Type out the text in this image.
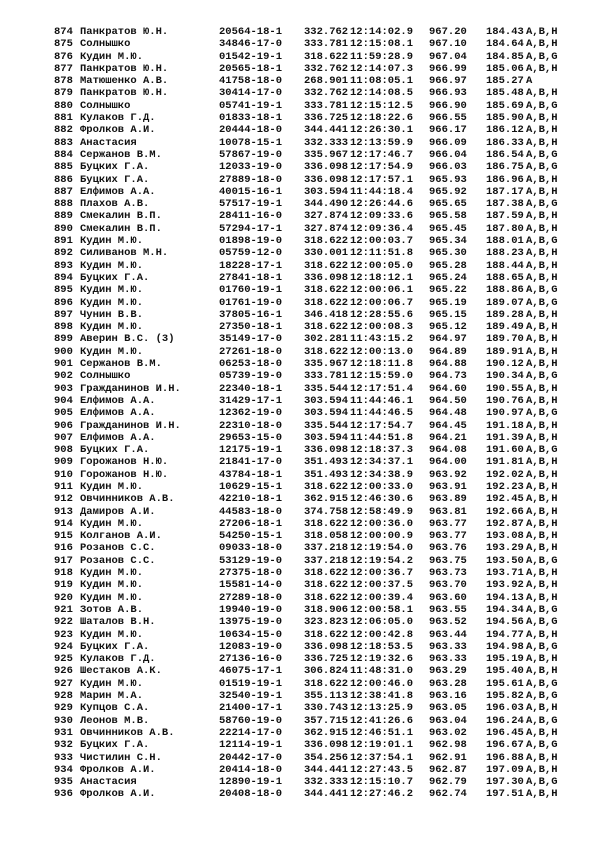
874 Панкратов Ю.Н.	20564-18-1 332.762 12:14:02.9 967.20 184.43 A,B,H
875 Солнышко	34846-17-0 333.781 12:15:08.1 967.10 184.64 A,B,H
876 Кудин М.Ю.	01542-19-1 318.622 11:59:28.9 967.04 184.85 A,B,G
877 Панкратов Ю.Н.	20565-18-1 332.762 12:14:07.3 966.99 185.06 A,B,H
878 Матюшенко А.В.	41758-18-0 268.901 11:08:05.1 966.97 185.27 A
879 Панкратов Ю.Н.	30414-17-0 332.762 12:14:08.5 966.93 185.48 A,B,H
880 Солнышко	05741-19-1 333.781 12:15:12.5 966.90 185.69 A,B,G
881 Кулаков Г.Д.	01833-18-1 336.725 12:18:22.6 966.55 185.90 A,B,H
882 Фролков А.И.	20444-18-0 344.441 12:26:30.1 966.17 186.12 A,B,H
883 Анастасия	10078-15-1 332.333 12:13:59.9 966.09 186.33 A,B,H
884 Сержанов В.М.	57867-19-0 335.967 12:17:46.7 966.04 186.54 A,B,G
885 Буцких Г.А.	12033-19-0 336.098 12:17:54.9 966.03 186.75 A,B,G
886 Буцких Г.А.	27889-18-0 336.098 12:17:57.1 965.93 186.96 A,B,H
887 Елфимов А.А.	40015-16-1 303.594 11:44:18.4 965.92 187.17 A,B,H
888 Плахов А.В.	57517-19-1 344.490 12:26:44.6 965.65 187.38 A,B,G
889 Смекалин В.П.	28411-16-0 327.874 12:09:33.6 965.58 187.59 A,B,H
890 Смекалин В.П.	57294-17-1 327.874 12:09:36.4 965.45 187.80 A,B,H
891 Кудин М.Ю.	01898-19-0 318.622 12:00:03.7 965.34 188.01 A,B,G
892 Силиванов М.Н.	05759-12-0 330.001 12:11:51.8 965.30 188.23 A,B,H
893 Кудин М.Ю.	18228-17-1 318.622 12:00:05.0 965.28 188.44 A,B,H
894 Буцких Г.А.	27841-18-1 336.098 12:18:12.1 965.24 188.65 A,B,H
895 Кудин М.Ю.	01760-19-1 318.622 12:00:06.1 965.22 188.86 A,B,G
896 Кудин М.Ю.	01761-19-0 318.622 12:00:06.7 965.19 189.07 A,B,G
897 Чунин В.В.	37805-16-1 346.418 12:28:55.6 965.15 189.28 A,B,H
898 Кудин М.Ю.	27350-18-1 318.622 12:00:08.3 965.12 189.49 A,B,H
899 Аверин В.С. (3)	35149-17-0 302.281 11:43:15.2 964.97 189.70 A,B,H
900 Кудин М.Ю.	27261-18-0 318.622 12:00:13.0 964.89 189.91 A,B,H
901 Сержанов В.М.	06253-18-0 335.967 12:18:11.8 964.88 190.12 A,B,H
902 Солнышко	05739-19-0 333.781 12:15:59.0 964.73 190.34 A,B,G
903 Гражданинов И.Н.	22340-18-1 335.544 12:17:51.4 964.60 190.55 A,B,H
904 Елфимов А.А.	31429-17-1 303.594 11:44:46.1 964.50 190.76 A,B,H
905 Елфимов А.А.	12362-19-0 303.594 11:44:46.5 964.48 190.97 A,B,G
906 Гражданинов И.Н.	22310-18-0 335.544 12:17:54.7 964.45 191.18 A,B,H
907 Елфимов А.А.	29653-15-0 303.594 11:44:51.8 964.21 191.39 A,B,H
908 Буцких Г.А.	12175-19-1 336.098 12:18:37.3 964.08 191.60 A,B,G
909 Горожанов Н.Ю.	21841-17-0 351.493 12:34:37.1 964.00 191.81 A,B,H
910 Горожанов Н.Ю.	43784-18-1 351.493 12:34:38.9 963.92 192.02 A,B,H
911 Кудин М.Ю.	10629-15-1 318.622 12:00:33.0 963.91 192.23 A,B,H
912 Овчинников А.В.	42210-18-1 362.915 12:46:30.6 963.89 192.45 A,B,H
913 Дамиров А.И.	44583-18-0 374.758 12:58:49.9 963.81 192.66 A,B,H
914 Кудин М.Ю.	27206-18-1 318.622 12:00:36.0 963.77 192.87 A,B,H
915 Колганов А.И.	54250-15-1 318.058 12:00:00.9 963.77 193.08 A,B,H
916 Розанов С.С.	09033-18-0 337.218 12:19:54.0 963.76 193.29 A,B,H
917 Розанов С.С.	53129-19-0 337.218 12:19:54.2 963.75 193.50 A,B,G
918 Кудин М.Ю.	27375-18-0 318.622 12:00:36.7 963.73 193.71 A,B,H
919 Кудин М.Ю.	15581-14-0 318.622 12:00:37.5 963.70 193.92 A,B,H
920 Кудин М.Ю.	27289-18-0 318.622 12:00:39.4 963.60 194.13 A,B,H
921 Зотов А.В.	19940-19-0 318.906 12:00:58.1 963.55 194.34 A,B,G
922 Шаталов В.Н.	13975-19-0 323.823 12:06:05.0 963.52 194.56 A,B,G
923 Кудин М.Ю.	10634-15-0 318.622 12:00:42.8 963.44 194.77 A,B,H
924 Буцких Г.А.	12083-19-0 336.098 12:18:53.5 963.33 194.98 A,B,G
925 Кулаков Г.Д.	27136-16-0 336.725 12:19:32.6 963.33 195.19 A,B,H
926 Шестаков А.К.	46075-17-1 306.824 11:48:31.0 963.29 195.40 A,B,H
927 Кудин М.Ю.	01519-19-1 318.622 12:00:46.0 963.28 195.61 A,B,G
928 Марин М.А.	32540-19-1 355.113 12:38:41.8 963.16 195.82 A,B,G
929 Купцов С.А.	21400-17-1 330.743 12:13:25.9 963.05 196.03 A,B,H
930 Леонов М.В.	58760-19-0 357.715 12:41:26.6 963.04 196.24 A,B,G
931 Овчинников А.В.	22214-17-0 362.915 12:46:51.1 963.02 196.45 A,B,H
932 Буцких Г.А.	12114-19-1 336.098 12:19:01.1 962.98 196.67 A,B,G
933 Чистилин С.Н.	20442-17-0 354.256 12:37:54.1 962.91 196.88 A,B,H
934 Фролков А.И.	20414-18-0 344.441 12:27:43.5 962.87 197.09 A,B,H
935 Анастасия	12890-19-1 332.333 12:15:10.7 962.79 197.30 A,B,G
936 Фролков А.И.	20408-18-0 344.441 12:27:46.2 962.74 197.51 A,B,H
